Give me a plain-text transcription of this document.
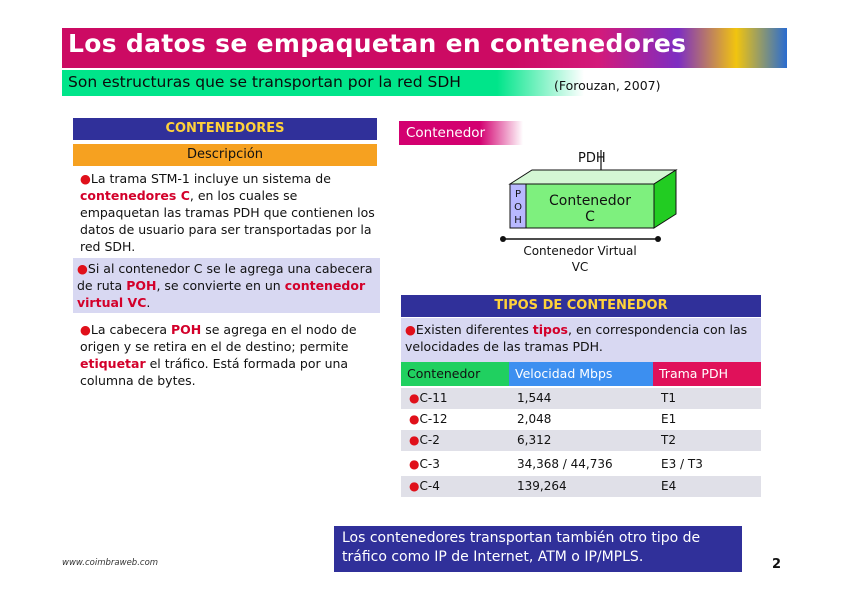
Los datos se empaquetan en contenedores
Son estructuras que se transportan por la red SDH	(Forouzan, 2007)
CONTENEDORES
Descripción
●La trama STM-1 incluye un sistema de contenedores C, en los cuales se empaquetan las tramas PDH que contienen los datos de usuario para ser transportadas por la red SDH.
●Si al contenedor C se le agrega una cabecera de ruta POH, se convierte en un contenedor virtual VC.
●La cabecera POH se agrega en el nodo de origen y se retira en el de destino; permite etiquetar el tráfico. Está formada por una columna de bytes.
Contenedor
PDH
P
O
H
Contenedor
C
Contenedor Virtual
VC
TIPOS DE CONTENEDOR
●Existen diferentes tipos, en correspondencia con las velocidades de las tramas PDH.
Contenedor	Velocidad Mbps	Trama PDH
●C-11	1,544	T1
●C-12	2,048	E1
●C-2	6,312	T2
●C-3	34,368 / 44,736	E3 / T3
●C-4	139,264	E4
Los contenedores transportan también otro tipo de tráfico como IP de Internet, ATM o IP/MPLS.
www.coimbraweb.com	2
